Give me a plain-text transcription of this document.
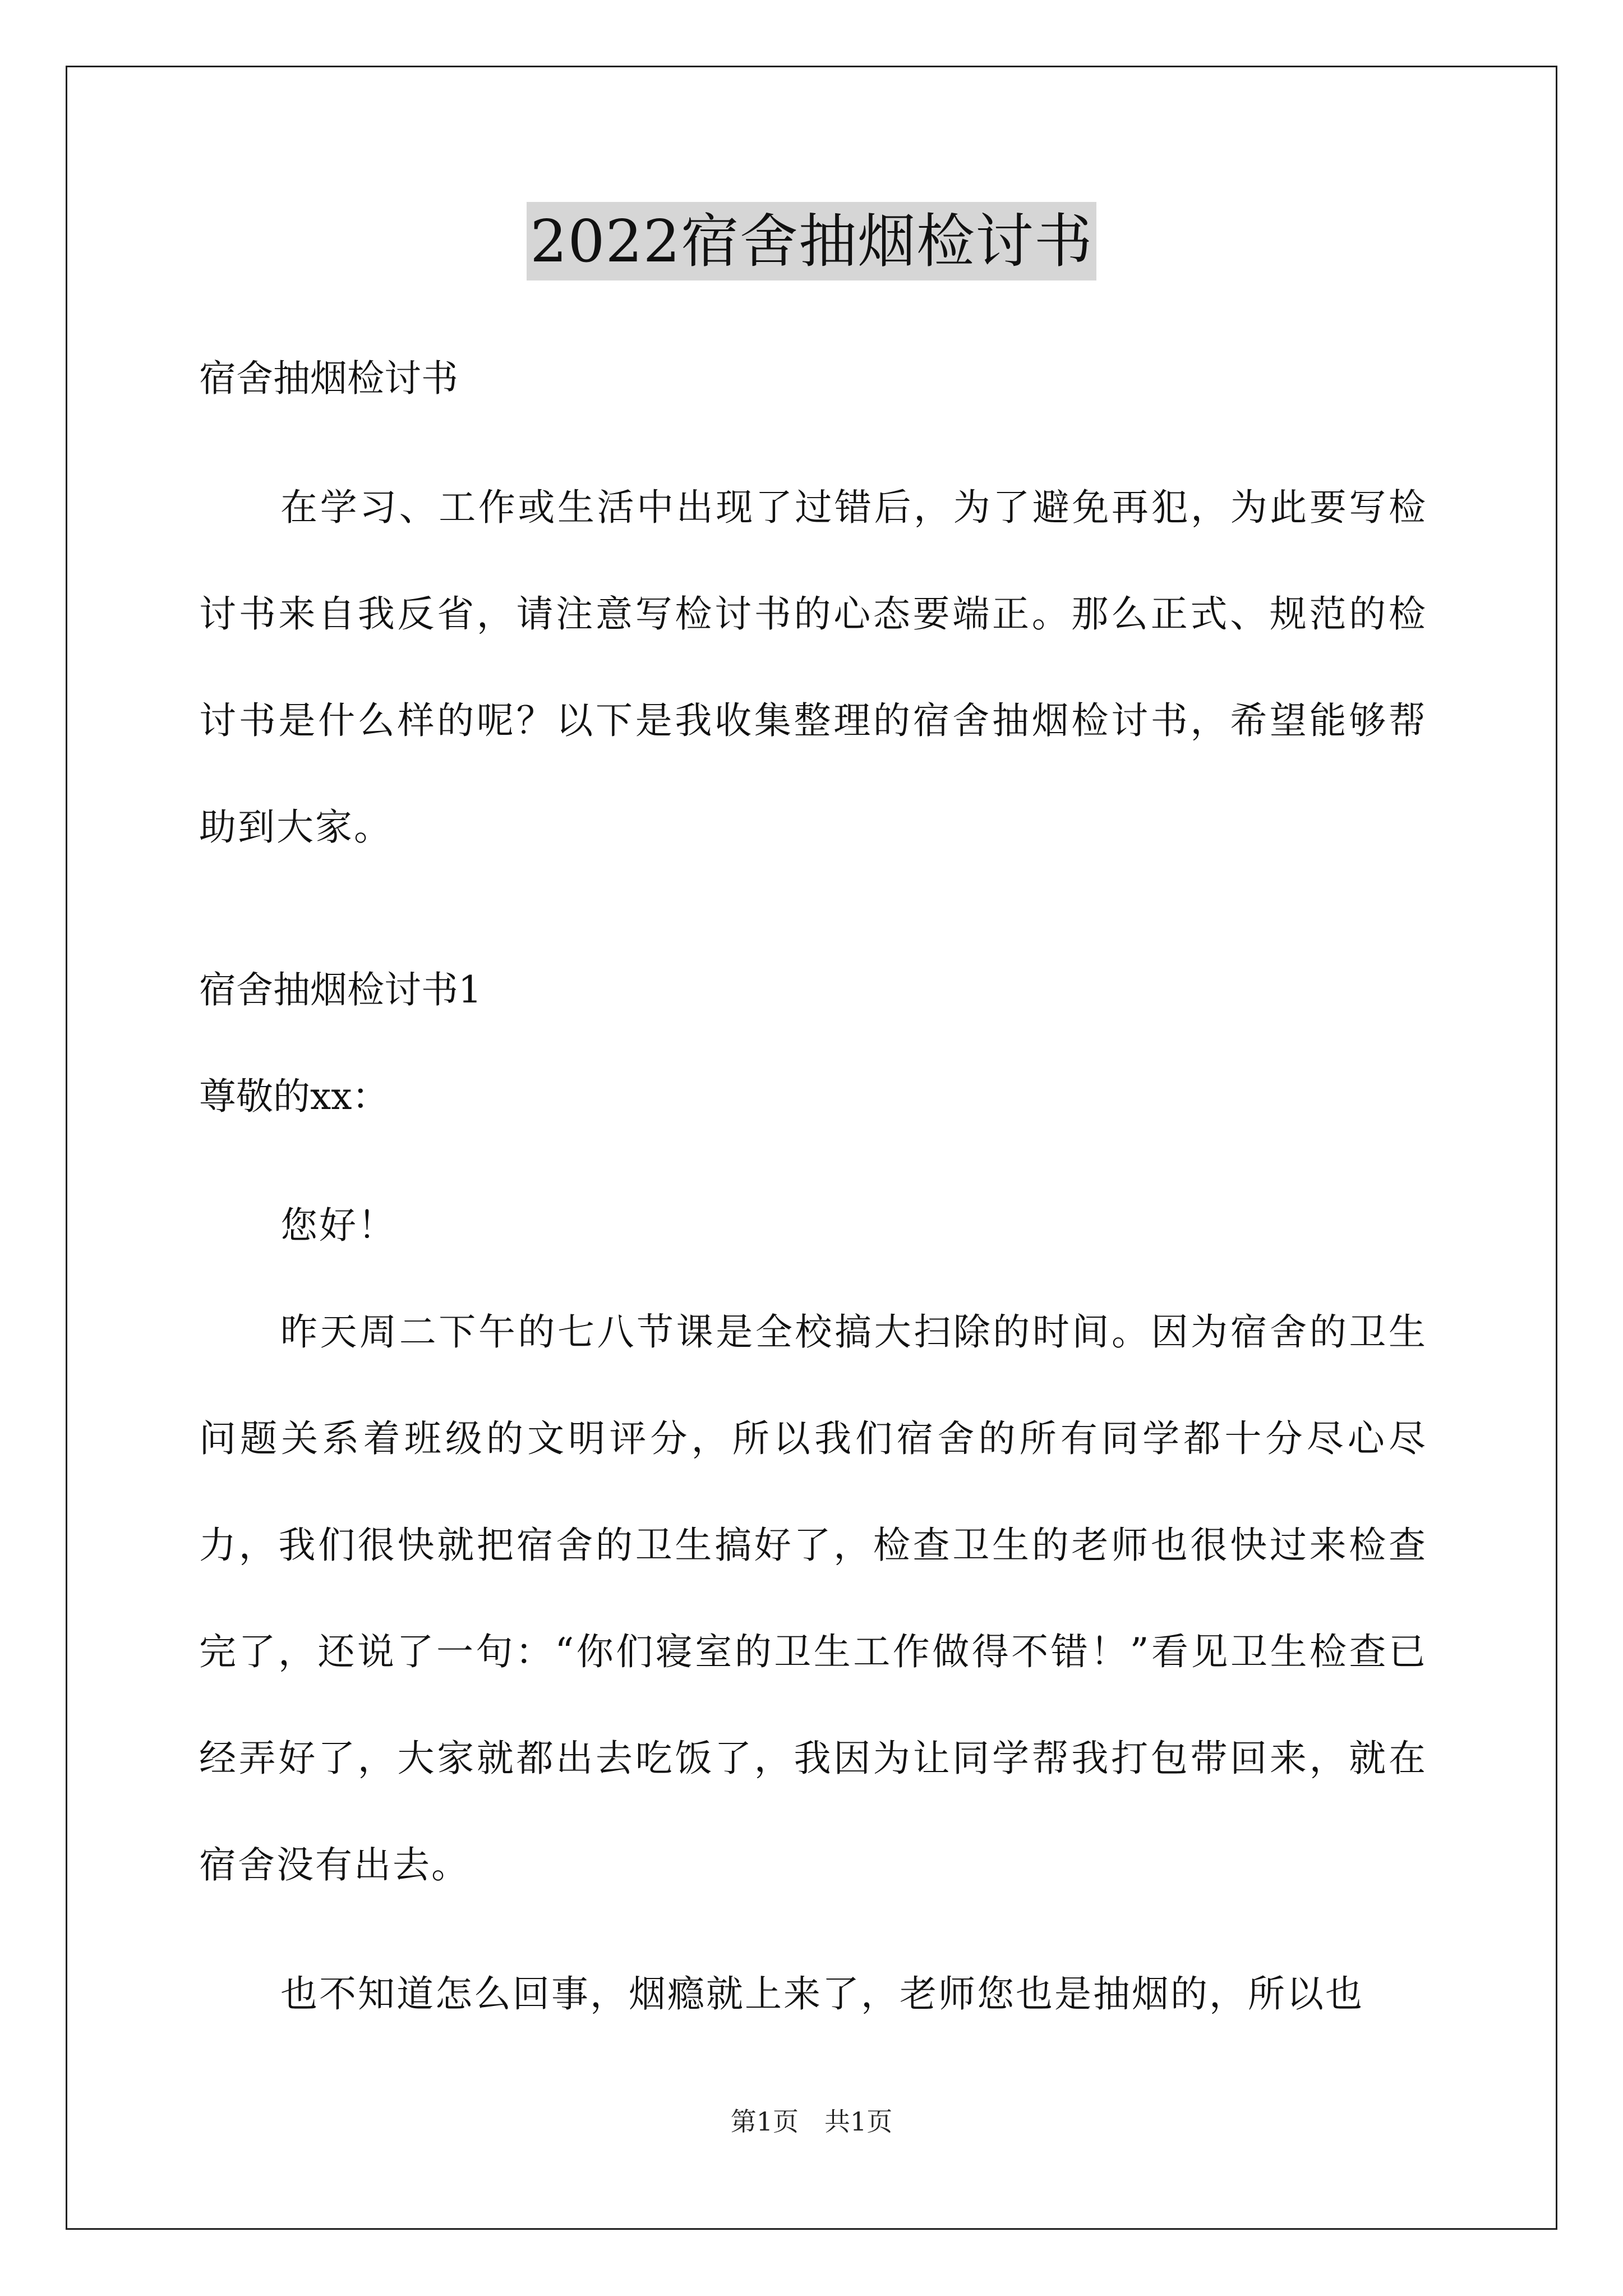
2022宿舍抽烟检讨书
宿舍抽烟检讨书

在学习、工作或生活中出现了过错后，为了避免再犯，为此要写检讨书来自我反省，请注意写检讨书的心态要端正。那么正式、规范的检讨书是什么样的呢？以下是我收集整理的宿舍抽烟检讨书，希望能够帮助到大家。

宿舍抽烟检讨书1
尊敬的xx：

您好！

昨天周二下午的七八节课是全校搞大扫除的时间。因为宿舍的卫生问题关系着班级的文明评分，所以我们宿舍的所有同学都十分尽心尽力，我们很快就把宿舍的卫生搞好了，检查卫生的老师也很快过来检查完了，还说了一句：“你们寝室的卫生工作做得不错！”看见卫生检查已经弄好了，大家就都出去吃饭了，我因为让同学帮我打包带回来，就在宿舍没有出去。

也不知道怎么回事，烟瘾就上来了，老师您也是抽烟的，所以也

第1页　共1页
